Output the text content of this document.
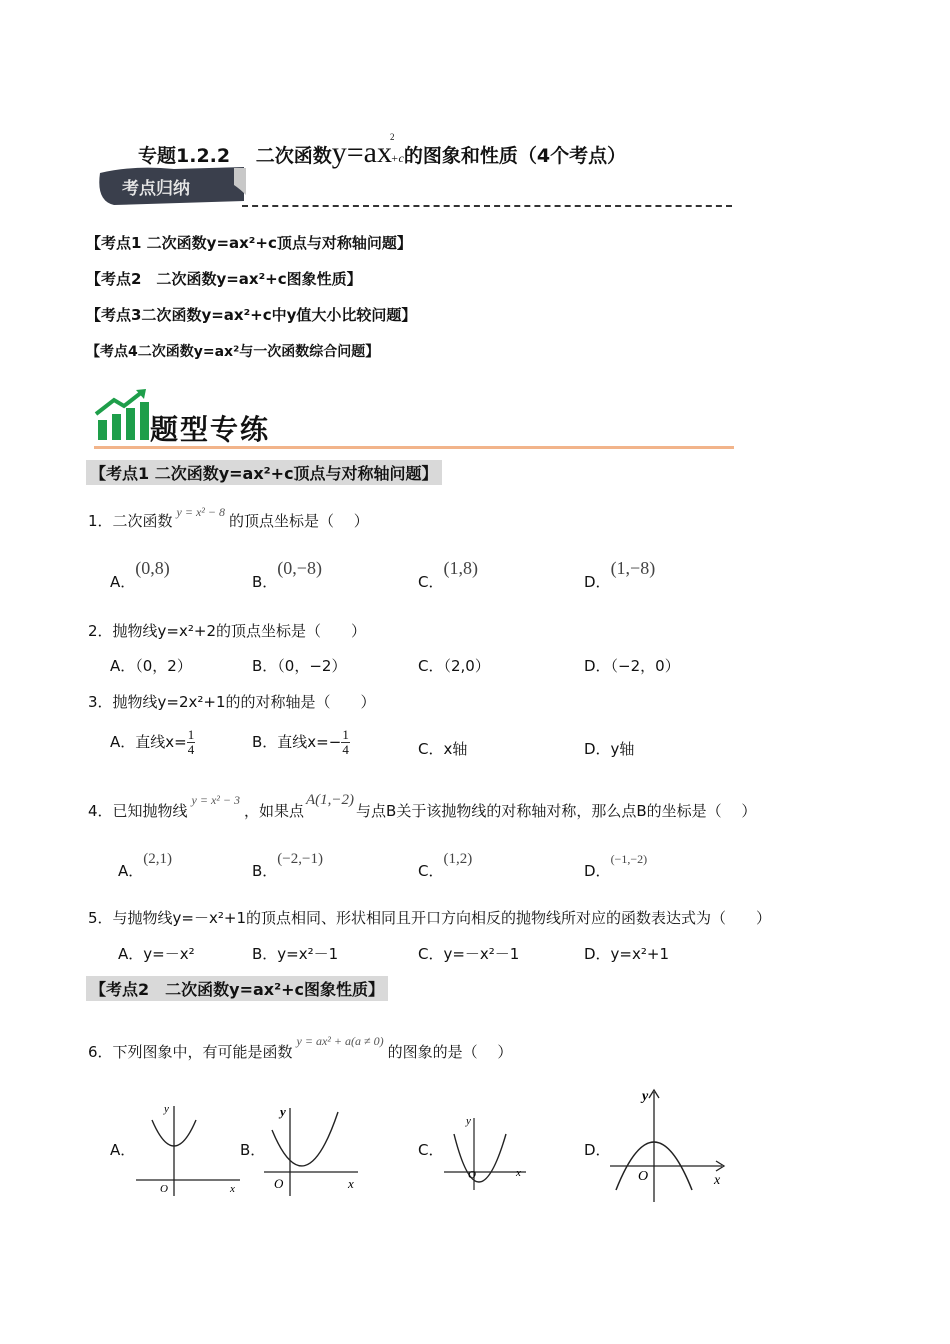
专题1.2.2　 二次函数$y=ax^2+c$的图象和性质（4个考点）
考点归纳
【考点1 二次函数y=ax²+c顶点与对称轴问题】
【考点2　二次函数y=ax²+c图象性质】
【考点3二次函数y=ax²+c中y值大小比较问题】
【考点4二次函数y=ax²与一次函数综合问题】
题型专练
【考点1 二次函数y=ax²+c顶点与对称轴问题】
1．二次函数 $^{y = x^2 - 8}$ 的顶点坐标是（　 ）
A．(0,8)
B．(0,−8)
C．(1,8)
D．(1,−8)
2．抛物线y=x²+2的顶点坐标是（　　）
A．（0，2）	B．（0，−2）	C．（2,0）	D．（−2，0）
3．抛物线y=2x²+1的的对称轴是（　　）
A．直线$x= \frac{1}{4}$	B．直线$x=- \frac{1}{4}$	C．x轴	D．y轴
4．已知抛物线$^{y = x^2 - 3}$，如果点A(1,−2)与点B关于该抛物线的对称轴对称，那么点B的坐标是（　 ）
A．(2,1)
B．(−2,−1)
C．(1,2)
D．$^{(-1,-2)}$
5．与抛物线y=－x²+1的顶点相同、形状相同且开口方向相反的抛物线所对应的函数表达式为（　　）
A．y=－x²	B．y=x²－1	C．y=－x²－1	D．y=x²+1
【考点2　二次函数y=ax²+c图象性质】
6．下列图象中，有可能是函数$^{y = ax^2 + a(a \ne 0)}$的图象的是（　 ）
A．	B．	C．	D．
y
x
O
y
x
O
y
x
O
y
x
O
